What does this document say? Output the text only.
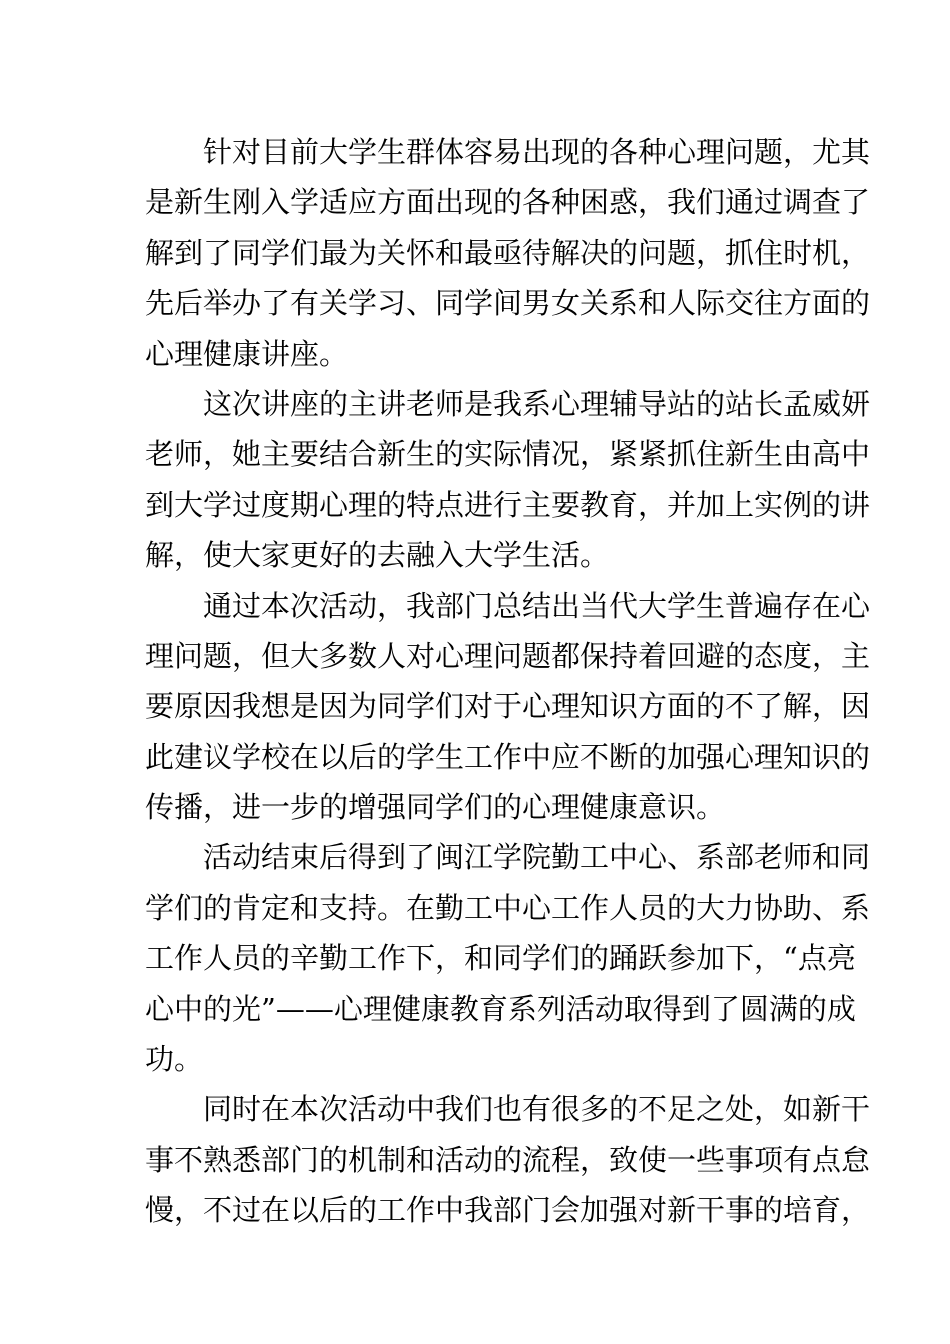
针对目前大学生群体容易出现的各种心理问题，尤其
是新生刚入学适应方面出现的各种困惑，我们通过调查了
解到了同学们最为关怀和最亟待解决的问题，抓住时机，
先后举办了有关学习、同学间男女关系和人际交往方面的
心理健康讲座。
这次讲座的主讲老师是我系心理辅导站的站长孟威妍
老师，她主要结合新生的实际情况，紧紧抓住新生由高中
到大学过度期心理的特点进行主要教育，并加上实例的讲
解，使大家更好的去融入大学生活。
通过本次活动，我部门总结出当代大学生普遍存在心
理问题，但大多数人对心理问题都保持着回避的态度，主
要原因我想是因为同学们对于心理知识方面的不了解，因
此建议学校在以后的学生工作中应不断的加强心理知识的
传播，进一步的增强同学们的心理健康意识。
活动结束后得到了闽江学院勤工中心、系部老师和同
学们的肯定和支持。在勤工中心工作人员的大力协助、系
工作人员的辛勤工作下，和同学们的踊跃参加下，“点亮
心中的光”——心理健康教育系列活动取得到了圆满的成
功。
同时在本次活动中我们也有很多的不足之处，如新干
事不熟悉部门的机制和活动的流程，致使一些事项有点怠
慢，不过在以后的工作中我部门会加强对新干事的培育，
